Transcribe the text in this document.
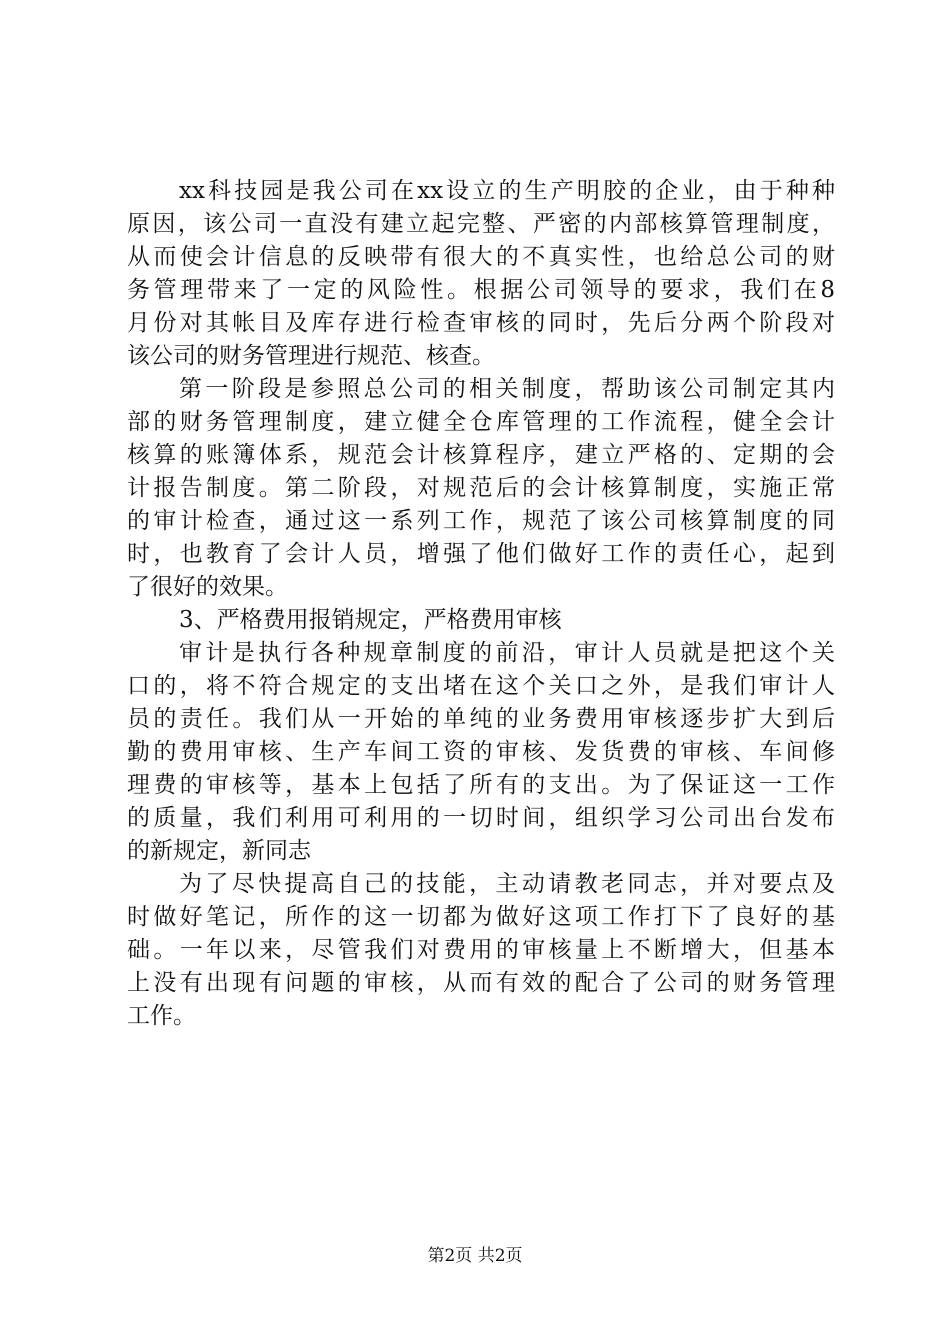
xx科技园是我公司在xx设立的生产明胶的企业，由于种种
原因，该公司一直没有建立起完整、严密的内部核算管理制度，
从而使会计信息的反映带有很大的不真实性，也给总公司的财
务管理带来了一定的风险性。根据公司领导的要求，我们在8
月份对其帐目及库存进行检查审核的同时，先后分两个阶段对
该公司的财务管理进行规范、核查。
第一阶段是参照总公司的相关制度，帮助该公司制定其内
部的财务管理制度，建立健全仓库管理的工作流程，健全会计
核算的账簿体系，规范会计核算程序，建立严格的、定期的会
计报告制度。第二阶段，对规范后的会计核算制度，实施正常
的审计检查，通过这一系列工作，规范了该公司核算制度的同
时，也教育了会计人员，增强了他们做好工作的责任心，起到
了很好的效果。
3、严格费用报销规定，严格费用审核
审计是执行各种规章制度的前沿，审计人员就是把这个关
口的，将不符合规定的支出堵在这个关口之外，是我们审计人
员的责任。我们从一开始的单纯的业务费用审核逐步扩大到后
勤的费用审核、生产车间工资的审核、发货费的审核、车间修
理费的审核等，基本上包括了所有的支出。为了保证这一工作
的质量，我们利用可利用的一切时间，组织学习公司出台发布
的新规定，新同志
为了尽快提高自己的技能，主动请教老同志，并对要点及
时做好笔记，所作的这一切都为做好这项工作打下了良好的基
础。一年以来，尽管我们对费用的审核量上不断增大，但基本
上没有出现有问题的审核，从而有效的配合了公司的财务管理
工作。
第2页 共2页
